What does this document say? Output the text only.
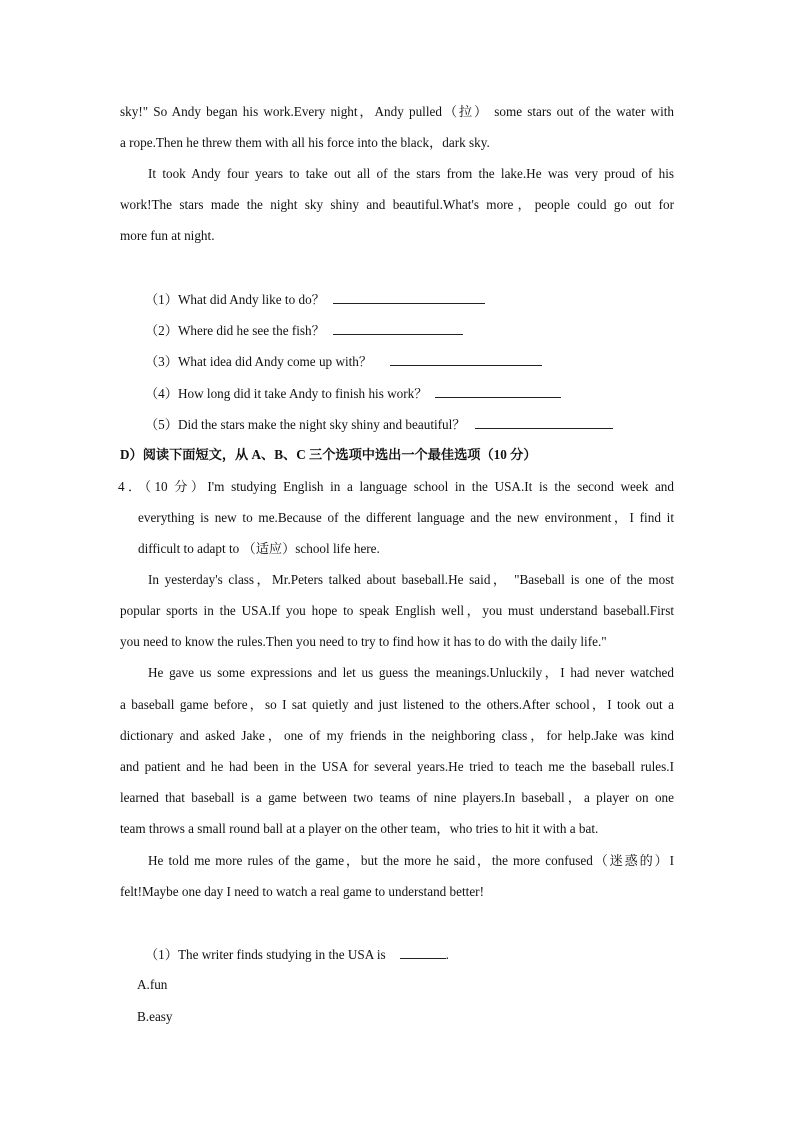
sky!" So Andy began his work.Every night，Andy pulled（拉） some stars out of the water with
a rope.Then he threw them with all his force into the black，dark sky.
It took Andy four years to take out all of the stars from the lake.He was very proud of his
work!The stars made the night sky shiny and beautiful.What's more，people could go out for
more fun at night.
（1）What did Andy like to do？
（2）Where did he see the fish？
（3）What idea did Andy come up with？
（4）How long did it take Andy to finish his work？
（5）Did the stars make the night sky shiny and beautiful？
D）阅读下面短文，从 A、B、C 三个选项中选出一个最佳选项（10 分）
4．（10 分）I'm studying English in a language school in the USA.It is the second week and
everything is new to me.Because of the different language and the new environment，I find it
difficult to adapt to （适应）school life here.
In yesterday's class，Mr.Peters talked about baseball.He said， "Baseball is one of the most
popular sports in the USA.If you hope to speak English well，you must understand baseball.First
you need to know the rules.Then you need to try to find how it has to do with the daily life."
He gave us some expressions and let us guess the meanings.Unluckily，I had never watched
a baseball game before，so I sat quietly and just listened to the others.After school，I took out a
dictionary and asked Jake，one of my friends in the neighboring class，for help.Jake was kind
and patient and he had been in the USA for several years.He tried to teach me the baseball rules.I
learned that baseball is a game between two teams of nine players.In baseball，a player on one
team throws a small round ball at a player on the other team，who tries to hit it with a bat.
He told me more rules of the game，but the more he said，the more confused（迷惑的）I
felt!Maybe one day I need to watch a real game to understand better!
（1）The writer finds studying in the USA is	.
A.fun
B.easy
